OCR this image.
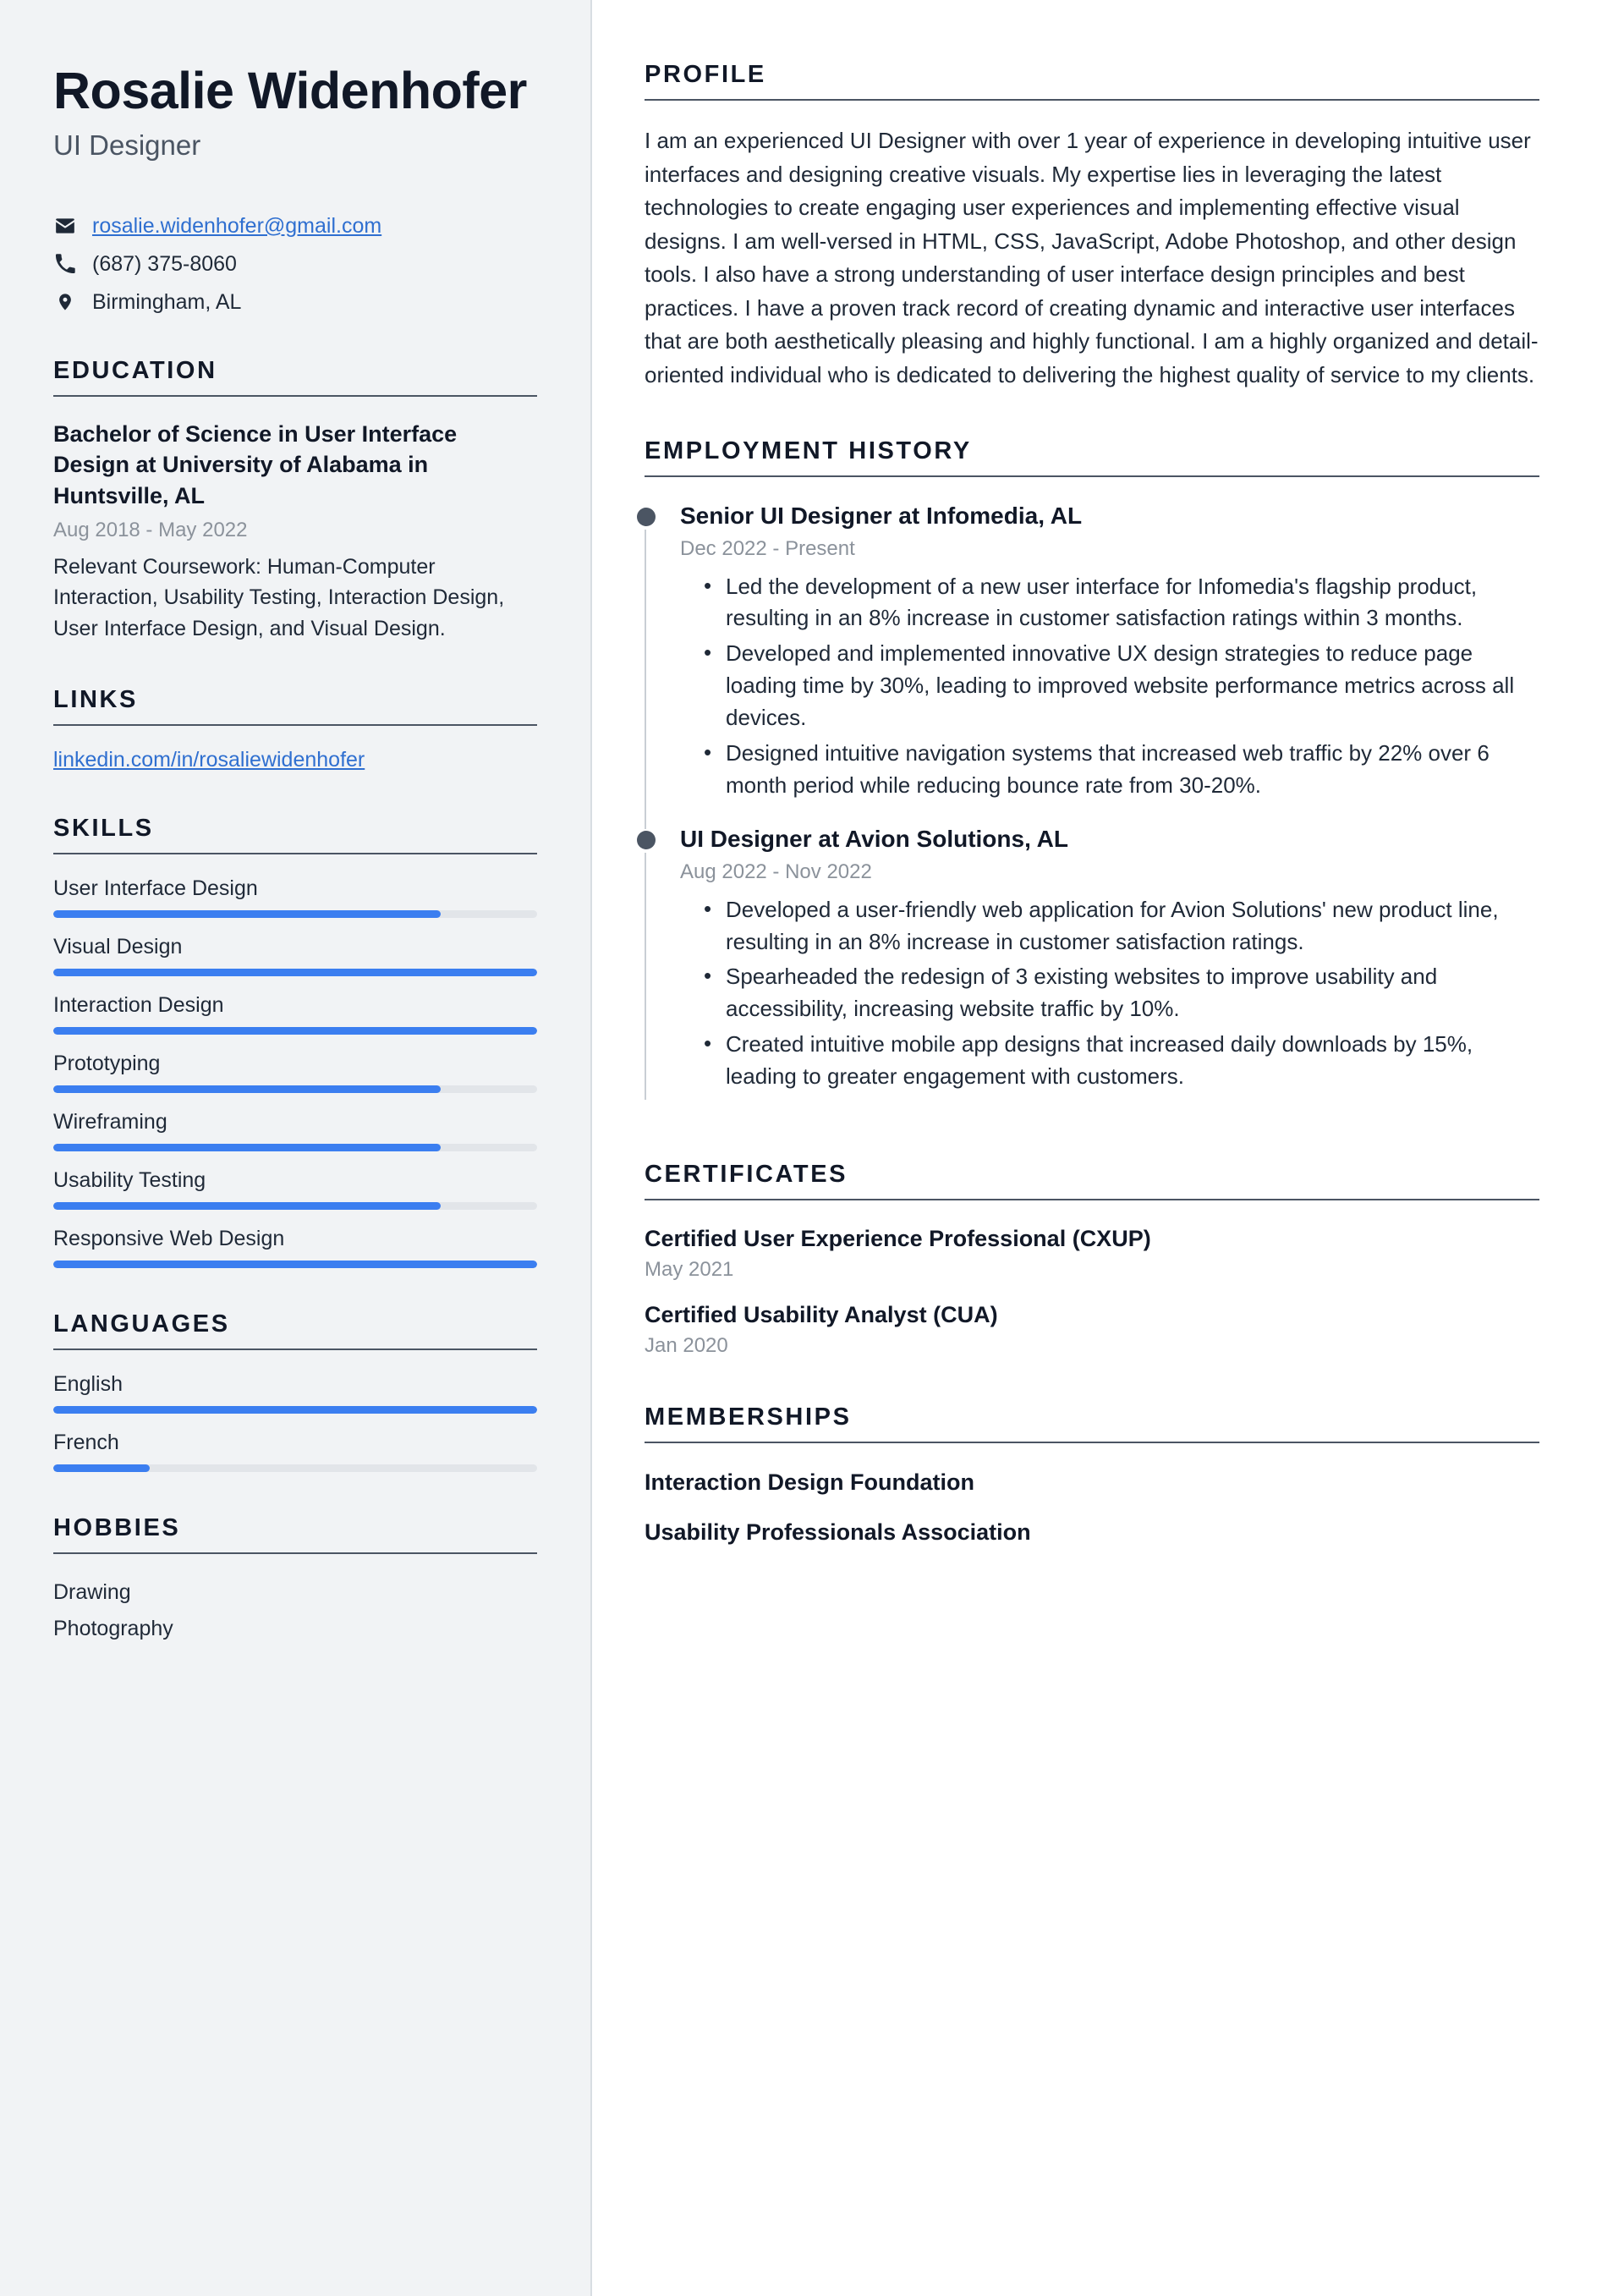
Rosalie Widenhofer
UI Designer
rosalie.widenhofer@gmail.com
(687) 375-8060
Birmingham, AL
EDUCATION
Bachelor of Science in User Interface Design at University of Alabama in Huntsville, AL
Aug 2018 - May 2022
Relevant Coursework: Human-Computer Interaction, Usability Testing, Interaction Design, User Interface Design, and Visual Design.
LINKS
linkedin.com/in/rosaliewidenhofer
SKILLS
User Interface Design
Visual Design
Interaction Design
Prototyping
Wireframing
Usability Testing
Responsive Web Design
LANGUAGES
English
French
HOBBIES
Drawing
Photography
PROFILE

I am an experienced UI Designer with over 1 year of experience in developing intuitive user interfaces and designing creative visuals. My expertise lies in leveraging the latest technologies to create engaging user experiences and implementing effective visual designs. I am well-versed in HTML, CSS, JavaScript, Adobe Photoshop, and other design tools. I also have a strong understanding of user interface design principles and best practices. I have a proven track record of creating dynamic and interactive user interfaces that are both aesthetically pleasing and highly functional. I am a highly organized and detail-oriented individual who is dedicated to delivering the highest quality of service to my clients.

EMPLOYMENT HISTORY
Senior UI Designer at Infomedia, AL
Dec 2022 - Present
• Led the development of a new user interface for Infomedia's flagship product, resulting in an 8% increase in customer satisfaction ratings within 3 months.
• Developed and implemented innovative UX design strategies to reduce page loading time by 30%, leading to improved website performance metrics across all devices.
• Designed intuitive navigation systems that increased web traffic by 22% over 6 month period while reducing bounce rate from 30-20%.
UI Designer at Avion Solutions, AL
Aug 2022 - Nov 2022
• Developed a user-friendly web application for Avion Solutions' new product line, resulting in an 8% increase in customer satisfaction ratings.
• Spearheaded the redesign of 3 existing websites to improve usability and accessibility, increasing website traffic by 10%.
• Created intuitive mobile app designs that increased daily downloads by 15%, leading to greater engagement with customers.
CERTIFICATES
Certified User Experience Professional (CXUP)
May 2021
Certified Usability Analyst (CUA)
Jan 2020
MEMBERSHIPS
Interaction Design Foundation
Usability Professionals Association
